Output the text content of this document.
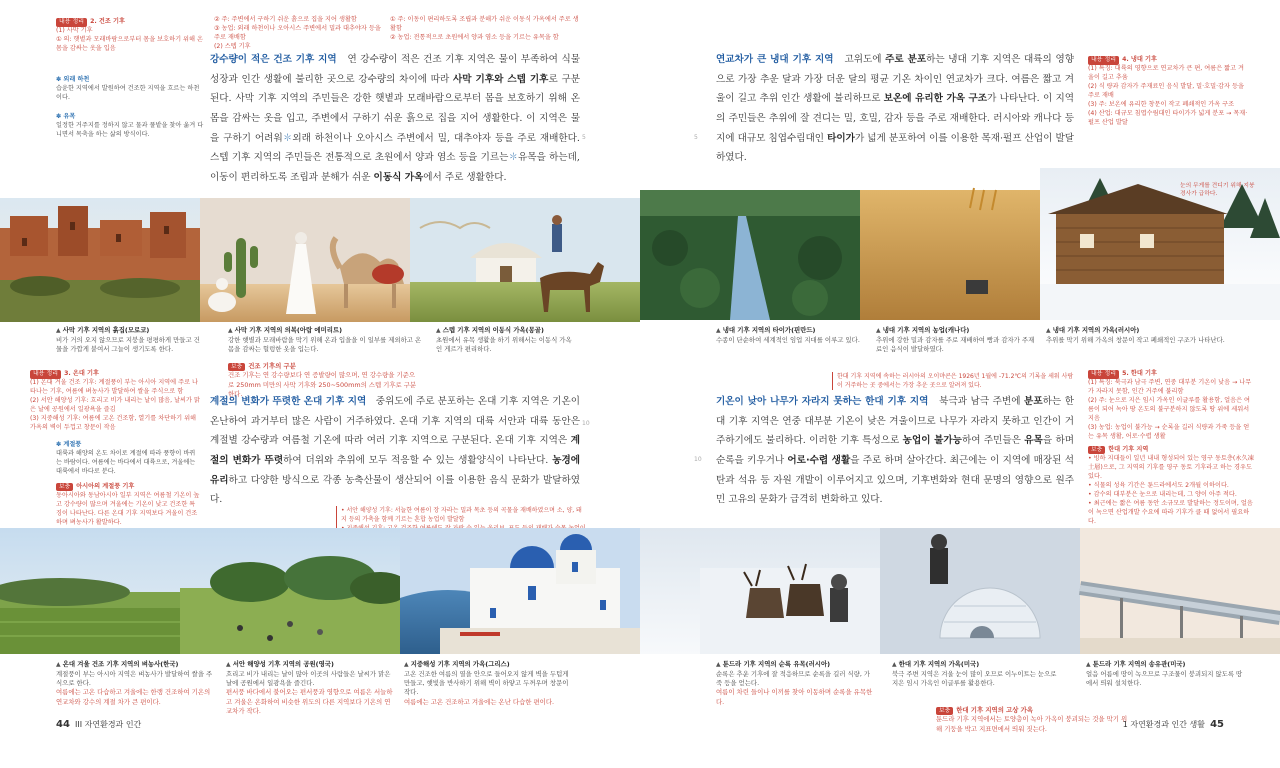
내용 정리 2. 건조 기후
(1) 사막 기후
① 의: 햇볕과 모래바람으로부터 몸을 보호하기 위해 온몸을 감싸는 옷을 입음
✽ 외래 하천
습윤한 지역에서 발원하여 건조한 지역을 흐르는 하천이다.
✽ 유목
일정한 거주지를 정하지 않고 물과 풀밭을 찾아 옮겨 다니면서 목축을 하는 삶의 방식이다.
② 주: 주변에서 구하기 쉬운 흙으로 집을 지어 생활함
③ 농업: 외래 하천이나 오아시스 주변에서 밀과 대추야자 등을 주로 재배함
(2) 스텝 기후
① 주: 이동이 편리하도록 조립과 분해가 쉬운 이동식 가옥에서 주로 생활함
② 농업: 전통적으로 초원에서 양과 염소 등을 기르는 유목을 함
강수량이 적은 건조 기후 지역 연 강수량이 적은 건조 기후 지역은 물이 부족하여 식물 성장과 인간 생활에 불리한 곳으로 강수량의 차이에 따라 사막 기후와 스텝 기후로 구분된다. 사막 기후 지역의 주민들은 강한 햇볕과 모래바람으로부터 몸을 보호하기 위해 온몸을 감싸는 옷을 입고, 주변에서 구하기 쉬운 흙으로 집을 지어 생활한다. 이 지역은 물을 구하기 어려워✽외래 하천이나 오아시스 주변에서 밀, 대추야자 등을 주로 재배한다. 스텝 기후 지역의 주민들은 전통적으로 초원에서 양과 염소 등을 기르는✽유목을 하는데, 이동이 편리하도록 조립과 분해가 쉬운 이동식 가옥에서 주로 생활한다.
5
▲ 사막 기후 지역의 흙집(모로코)
비가 거의 오지 않으므로 지붕을 평평하게 만들고 건물을 가깝게 붙여서 그늘이 생기도록 한다.
▲ 사막 기후 지역의 의복(아랍 에미리트)
강한 햇볕과 모래바람을 막기 위해 온과 입을을 이 일부를 제외하고 온몸을 감싸는 헐렁한 옷을 입는다.
▲ 스텝 기후 지역의 이동식 가옥(몽골)
초원에서 유목 생활을 하기 위해서는 이동식 가옥인 게르가 편리하다.
보충 건조 기후의 구분
건조 기후는 연 강수량보다 연 증발량이 많으며, 연 강수량을 기준으로 250mm 미만의 사막 기후와 250~500mm의 스텝 기후로 구분한다.
내용 정리 3. 온대 기후
(1) 온대 겨울 건조 기후: 계절풍이 부는 아시아 지역에 주로 나타나는 기후, 여름에 벼농사가 발달하여 쌀을 주식으로 함
(2) 서안 해양성 기후: 흐리고 비가 내리는 날이 많음, 날씨가 맑은 날에 공원에서 일광욕을 즐김
(3) 지중해성 기후: 여름에 고온 건조함, 열기를 차단하기 위해 가옥의 벽이 두껍고 창문이 작음
✽ 계절풍
대륙과 해양의 온도 차이로 계절에 따라 풍향이 바뀌는 바람이다. 여름에는 바다에서 대륙으로, 겨울에는 대륙에서 바다로 분다.
보충 아시아의 계절풍 기후
동아시아와 동남아시아 일부 지역은 여름철 기온이 높고 강수량이 많으며 겨울에는 기온이 낮고 건조한 특징이 나타난다. 다른 온대 기후 지역보다 겨울이 건조하며 벼농사가 활발하다.
계절의 변화가 뚜렷한 온대 기후 지역 중위도에 주로 분포하는 온대 기후 지역은 기온이 온난하여 과거부터 많은 사람이 거주하였다. 온대 기후 지역의 대륙 서안과 대륙 동안은 계절별 강수량과 여름철 기온에 따라 여러 기후 지역으로 구분된다. 온대 기후 지역은 계절의 변화가 뚜렷하여 더위와 추위에 모두 적응할 수 있는 생활양식이 나타난다. 농경에 유리하고 다양한 방식으로 각종 농축산물이 생산되어 이를 이용한 음식 문화가 발달하였다.
10
• 서안 해양성 기후: 서늘한 여름이 장 자라는 밀과 목초 등의 곡물을 재배하였으며 소, 양, 돼지 등의 가축을 함께 기르는 혼합 농업이 발달함
▲ 온대 겨울 건조 기후 지역의 벼농사(한국)
계절풍이 부는 아시아 지역은 벼농사가 발달하여 쌀을 주식으로 한다.
여름에는 고온 다습하고 겨울에는 한랭 건조하여 기온의 연교차와 강수의 계절 차가 큰 편이다.
▲ 서안 해양성 기후 지역의 공원(영국)
흐리고 비가 내리는 날이 많아 이곳의 사람들은 날씨가 맑은 날에 공원에서 일광욕을 즐긴다.
편서풍 바다에서 불어오는 편서풍과 영향으로 여름은 서늘하고 겨울은 온화하여 비슷한 위도의 다른 지역보다 기온의 연교차가 작다.
▲ 지중해성 기후 지역의 가옥(그리스)
고온 건조한 여름의 열을 안으로 들어오지 않게 벽을 두텁게 만들고, 햇빛을 반사하기 위해 벽이 하얗고 두꺼우며 창문이 작다.
여름에는 고온 건조하고 겨울에는 온난 다습한 편이다.
44 III 자연환경과 인간
5
연교차가 큰 냉대 기후 지역 고위도에 주로 분포하는 냉대 기후 지역은 대륙의 영향으로 가장 추운 달과 가장 더운 달의 평균 기온 차이인 연교차가 크다. 여름은 짧고 겨울이 길고 추위 인간 생활에 불리하므로 보온에 유리한 가옥 구조가 나타난다. 이 지역의 주민들은 추위에 잘 견디는 밀, 호밀, 감자 등을 주로 재배한다. 러시아와 캐나다 등지에 대규모 침엽수림대인 타이가가 넓게 분포하여 이를 이용한 목재·펄프 산업이 발달하였다.
내용 정리 4. 냉대 기후
(1) 특징: 대륙의 영향으로 연교차가 큰 편, 여름은 짧고 겨울이 길고 추움
(2) 식 량과 감자가 주재료인 음식 발달, 밀·호밀·감자 등을 주로 재배
(3) 주: 보온에 유리한 창문이 작고 폐쇄적인 가옥 구조
(4) 산업: 대규모 침엽수림대인 타이가가 넓게 분포 → 목재·펄프 산업 발달
눈의 무게를 견디기 위해 지붕 경사가 급하다.
▲ 냉대 기후 지역의 타이가(핀란드)
수종이 단순하여 세계적인 임업 지대를 이루고 있다.
▲ 냉대 기후 지역의 농업(캐나다)
추위에 강한 밀과 감자를 주로 재배하여 빵과 감자가 주재료인 음식이 발달하였다.
▲ 냉대 기후 지역의 가옥(러시아)
추위를 막기 위해 가옥의 창문이 작고 폐쇄적인 구조가 나타난다.
한대 기후 지역에 속하는 러시아의 오이먀콘은 1926년 1월에 -71.2℃의 기록을 세워 사람이 거주하는 곳 중에서는 가장 추운 곳으로 알려져 있다.
기온이 낮아 나무가 자라지 못하는 한대 기후 지역 북극과 남극 주변에 분포하는 한대 기후 지역은 연중 대부분 기온이 낮은 겨울이므로 나무가 자라지 못하고 인간이 거주하기에도 불리하다. 이러한 기후 특성으로 농업이 불가능하여 주민들은 유목을 하며 순록을 키우거나 어로·수렵 생활을 주로 하며 살아간다. 최근에는 이 지역에 매장된 석탄과 석유 등 자원 개발이 이루어지고 있으며, 기후변화와 현대 문명의 영향으로 원주민 고유의 문화가 급격히 변화하고 있다.
10
내용 정리 5. 한대 기후
(1) 특징: 북극과 남극 주변, 연중 대부분 기온이 낮음 → 나무가 자라지 못함, 인간 거주에 불리함
(2) 주: 눈으로 지은 임시 가옥인 이글루를 활용함, 얼음은 여름이 되어 녹아 땅 온도의 불구분하지 않도록 땅 위에 세워서 지음
(3) 농업: 농업이 불가능 → 순록을 길러 식량과 가죽 등을 얻는 유목 생활, 어로·수렵 생활
보충 한대 기후 지역
• 빙하 지대들이 일년 내내 형성되어 있는 영구 동토층(永久凍土層)으로, 그 지역의 기후를 영구 동토 기후라고 하는 경우도 있다.
• 식물의 성육 기간은 툰드라에서도 2개월 이하이다.
• 감수의 대부분은 눈으로 내리는데, 그 양이 아주 적다.
• 최근에는 짧은 여름 동안 소규모로 발달하는 정도이며, 얼음이 녹으면 산업개발 수요에 따라 기후가 클 때 없어서 필요하다.
▲ 툰드라 기후 지역의 순록 유목(러시아)
순록은 추운 기후에 잘 적응하므로 순록을 길러 식량, 가죽 등을 얻는다.
여름이 차린 들이나 이끼를 찾아 이동하며 순록을 유목한다.
▲ 한대 기후 지역의 가옥(미국)
북극 주변 지역은 겨울 눈이 많이 오므로 이누이트는 눈으로 지은 임시 가옥인 이글루를 활용한다.
▲ 툰드라 기후 지역의 송유관(미국)
얼음 어름에 땅이 녹으므로 구조물이 붕괴되지 않도록 땅에서 띄워 설치한다.
보충 한대 기후 지역의 고상 가옥
툰드라 기후 지역에서는 토양층이 녹아 가옥이 붕괴되는 것을 막기 위해 기둥을 박고 지표면에서 띄워 짓는다.	1 자연환경과 인간 생활 45
